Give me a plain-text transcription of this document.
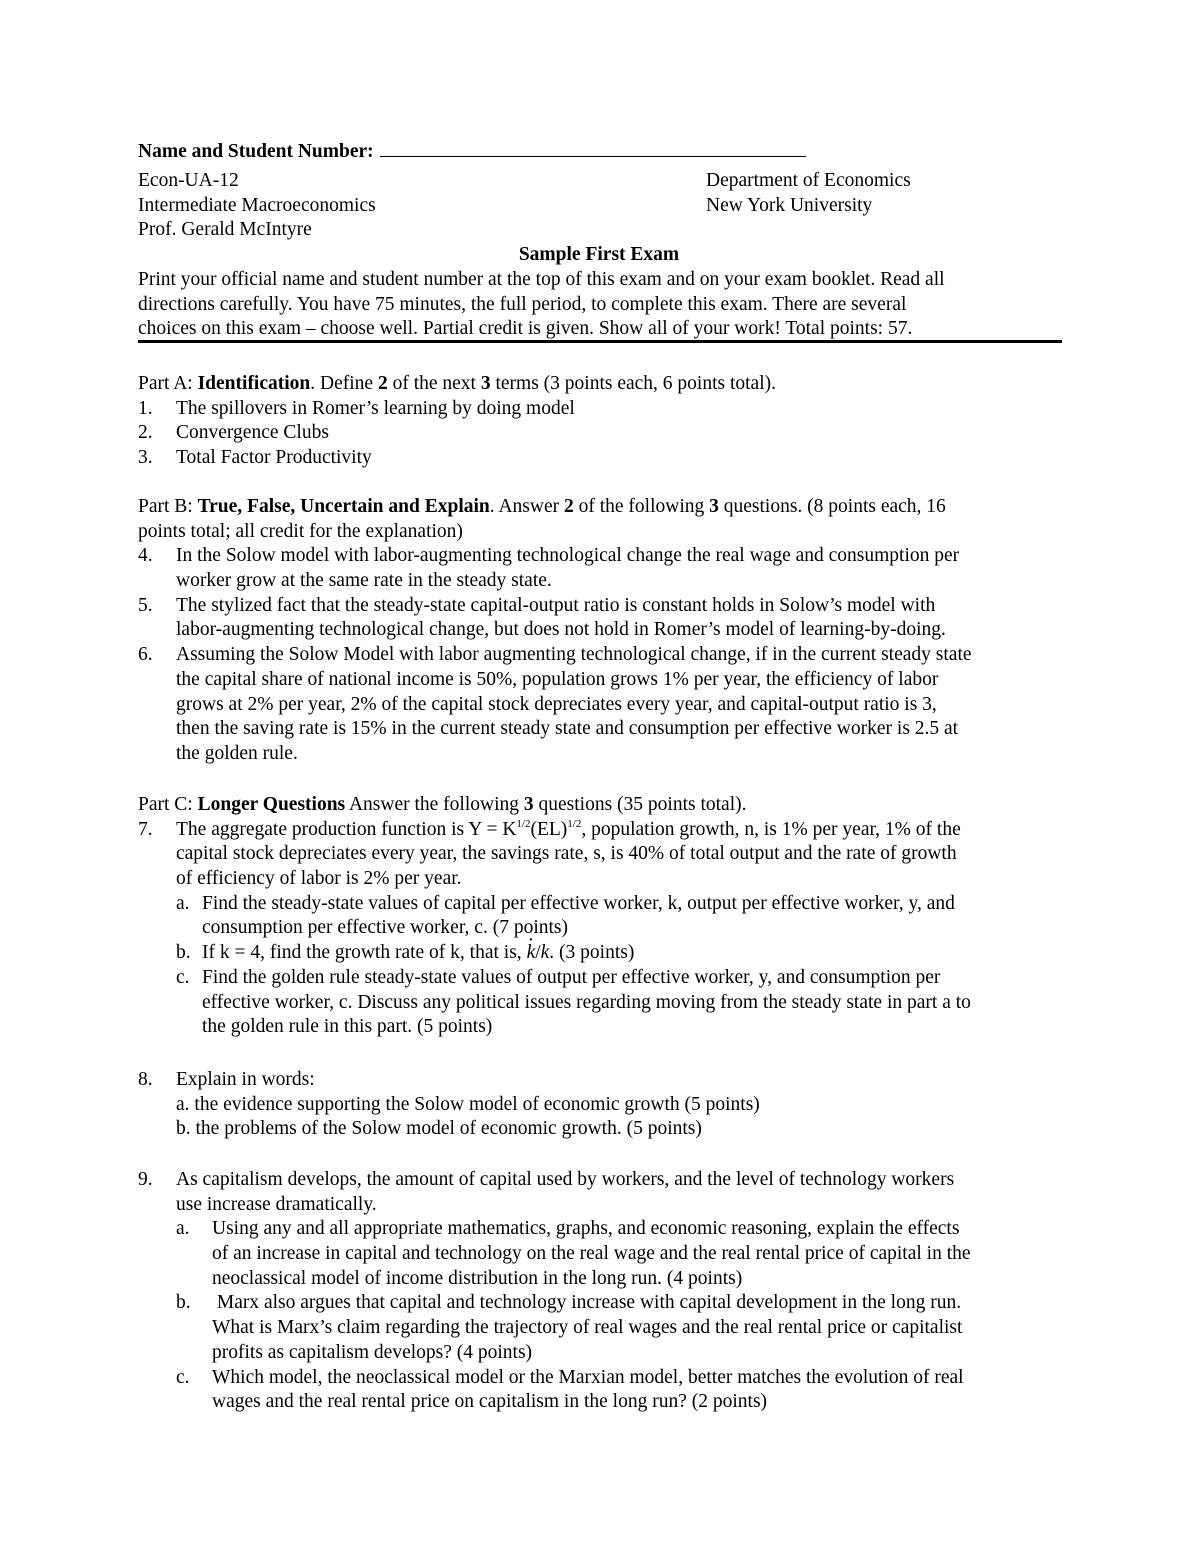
Name and Student Number:
Econ-UA-12
Intermediate Macroeconomics
Prof. Gerald McIntyre
Department of Economics
New York University
Sample First Exam
Print your official name and student number at the top of this exam and on your exam booklet. Read all
directions carefully. You have 75 minutes, the full period, to complete this exam. There are several
choices on this exam – choose well. Partial credit is given. Show all of your work! Total points: 57.
Part A: Identification. Define 2 of the next 3 terms (3 points each, 6 points total).
1. The spillovers in Romer’s learning by doing model
2. Convergence Clubs
3. Total Factor Productivity
Part B: True, False, Uncertain and Explain. Answer 2 of the following 3 questions. (8 points each, 16
points total; all credit for the explanation)
4. In the Solow model with labor-augmenting technological change the real wage and consumption per
worker grow at the same rate in the steady state.
5. The stylized fact that the steady-state capital-output ratio is constant holds in Solow’s model with
labor-augmenting technological change, but does not hold in Romer’s model of learning-by-doing.
6. Assuming the Solow Model with labor augmenting technological change, if in the current steady state
the capital share of national income is 50%, population grows 1% per year, the efficiency of labor
grows at 2% per year, 2% of the capital stock depreciates every year, and capital-output ratio is 3,
then the saving rate is 15% in the current steady state and consumption per effective worker is 2.5 at
the golden rule.
Part C: Longer Questions Answer the following 3 questions (35 points total).
7. The aggregate production function is $Y = K^{1/2}(EL)^{1/2}$, population growth, n, is 1% per year, 1% of the
capital stock depreciates every year, the savings rate, s, is 40% of total output and the rate of growth
of efficiency of labor is 2% per year.
a. Find the steady-state values of capital per effective worker, k, output per effective worker, y, and
consumption per effective worker, c. (7 points)
b. If k = 4, find the growth rate of k, that is, k ·/k. (3 points)
c. Find the golden rule steady-state values of output per effective worker, y, and consumption per
effective worker, c. Discuss any political issues regarding moving from the steady state in part a to
the golden rule in this part. (5 points)
8. Explain in words:
a. the evidence supporting the Solow model of economic growth (5 points)
b. the problems of the Solow model of economic growth. (5 points)
9. As capitalism develops, the amount of capital used by workers, and the level of technology workers
use increase dramatically.
a. Using any and all appropriate mathematics, graphs, and economic reasoning, explain the effects
of an increase in capital and technology on the real wage and the real rental price of capital in the
neoclassical model of income distribution in the long run. (4 points)
b. Marx also argues that capital and technology increase with capital development in the long run.
What is Marx’s claim regarding the trajectory of real wages and the real rental price or capitalist
profits as capitalism develops? (4 points)
c. Which model, the neoclassical model or the Marxian model, better matches the evolution of real
wages and the real rental price on capitalism in the long run? (2 points)
